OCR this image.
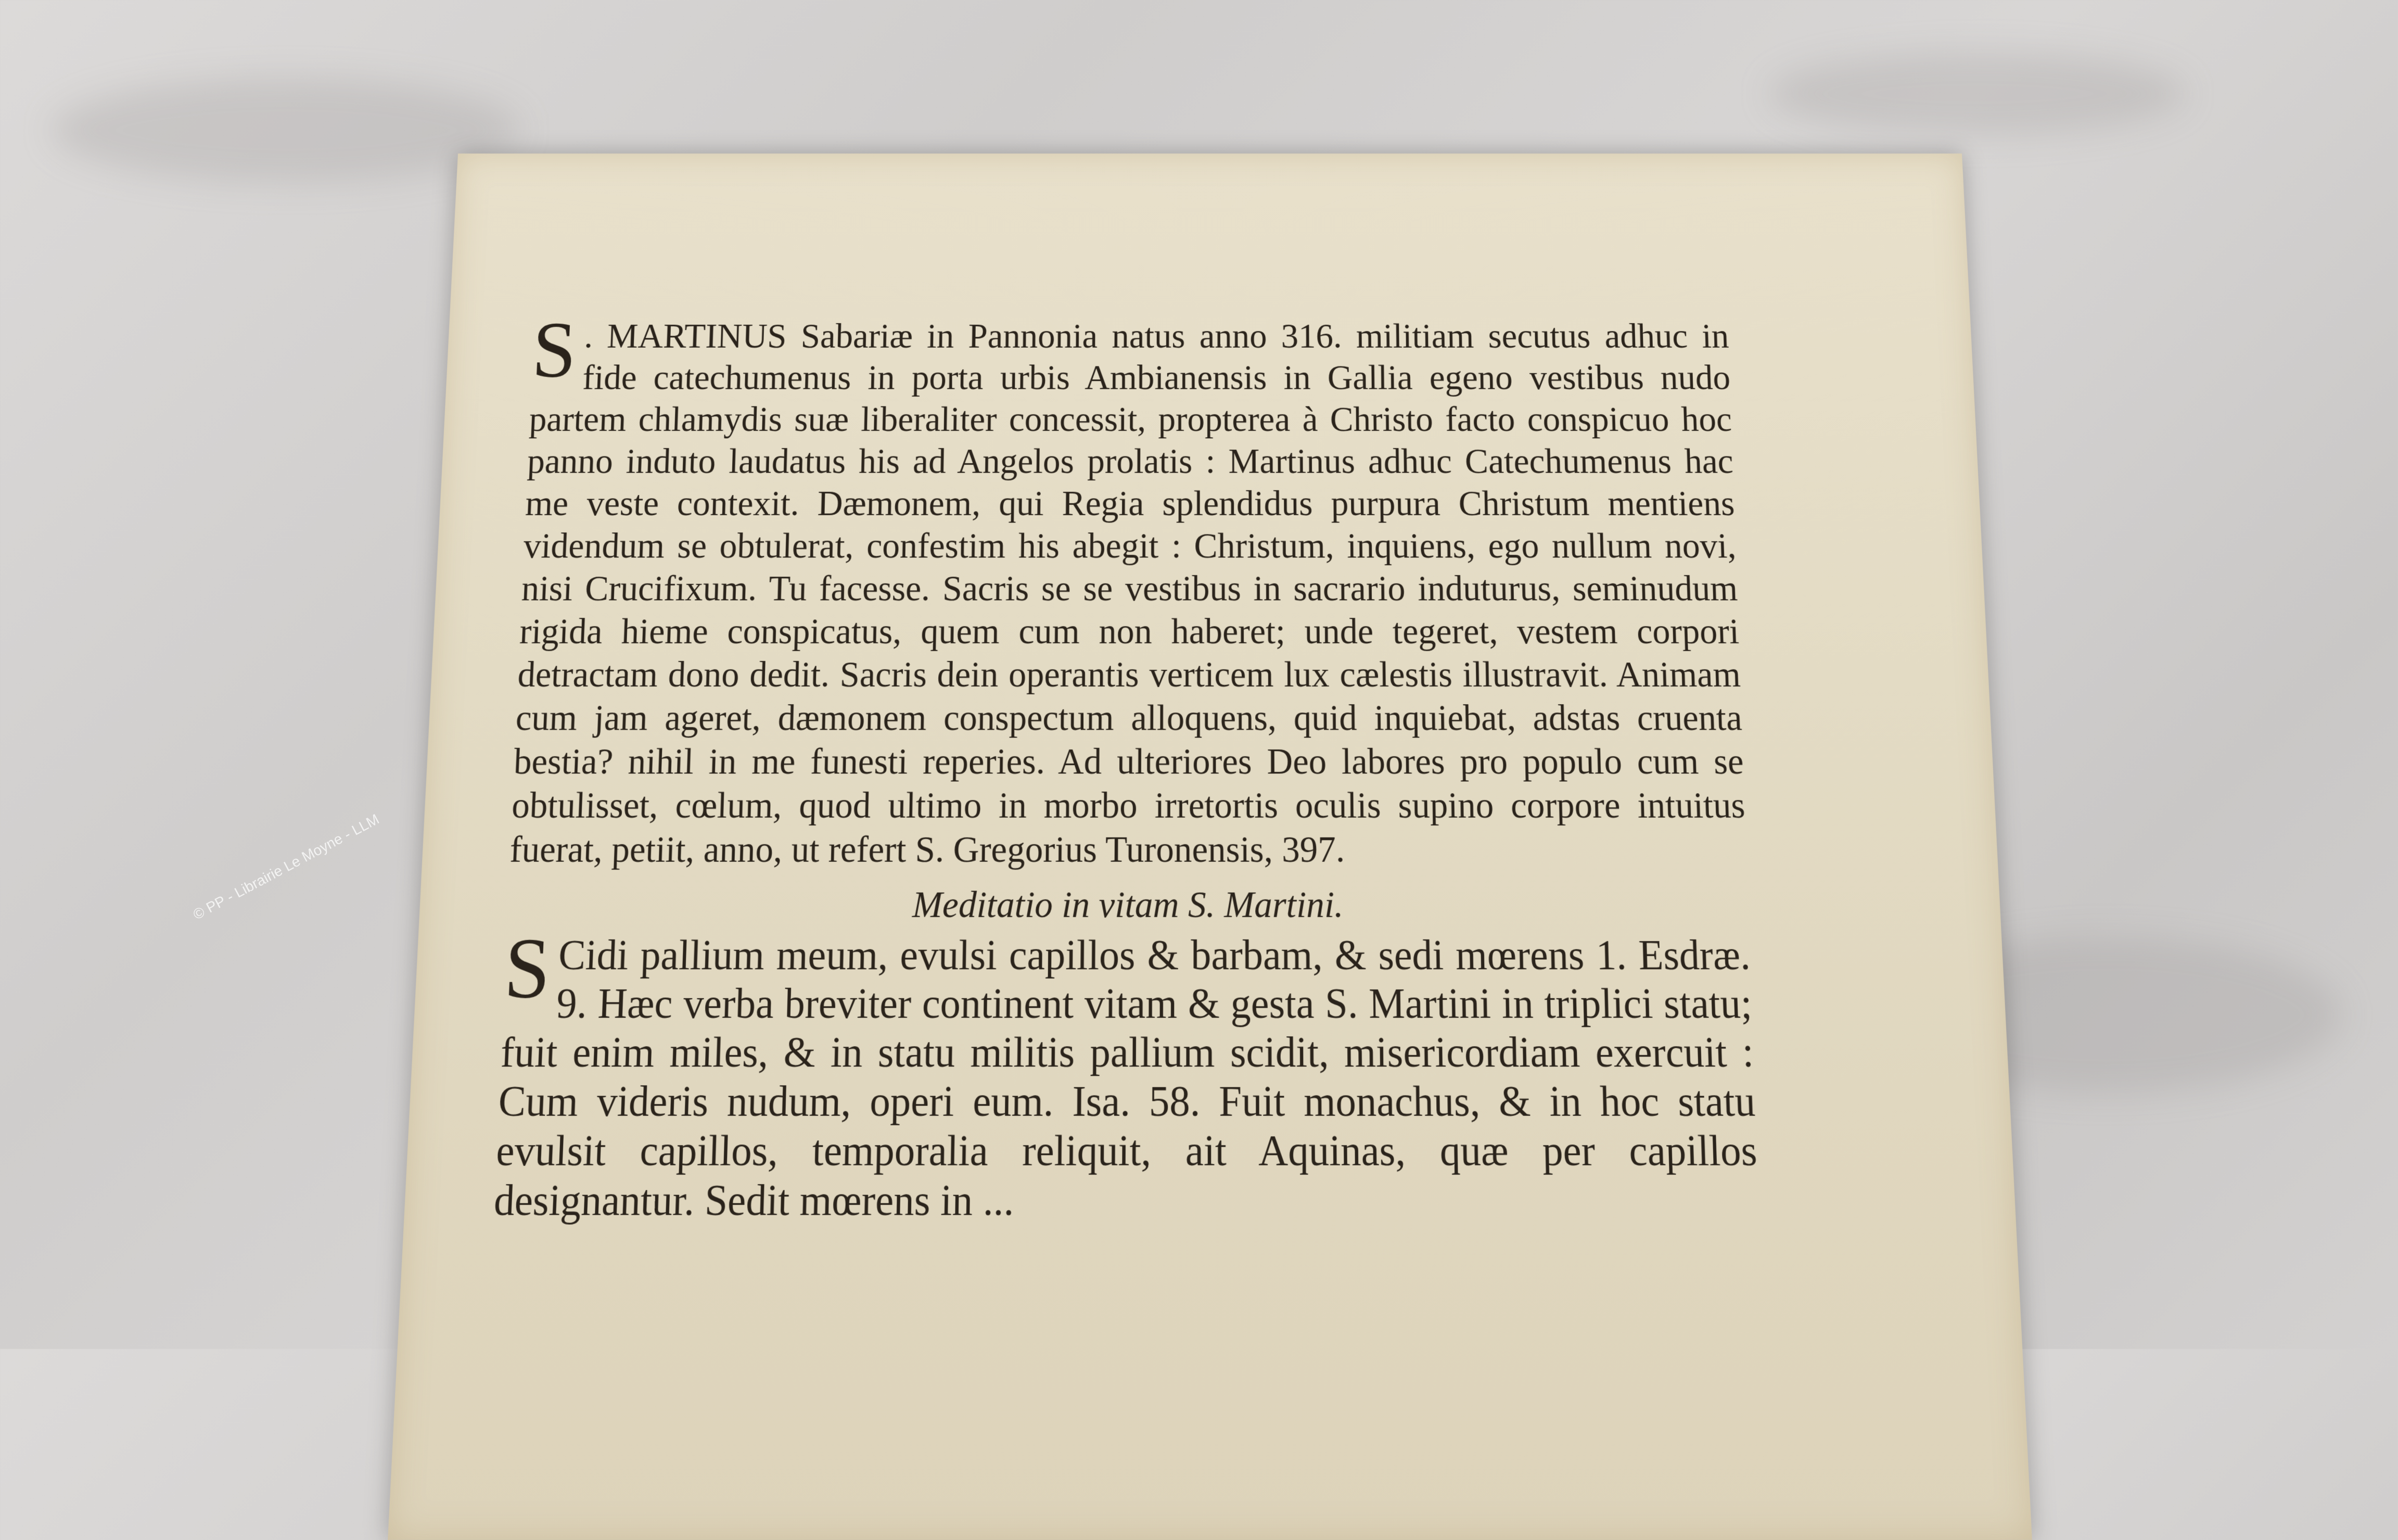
© PP - Librairie Le Moyne - LLM

S . MARTINUS Sabariæ in Pannonia natus anno 316. militiam secutus adhuc in fide catechumenus in porta urbis Ambianensis in Gallia egeno vestibus nudo partem chlamydis suæ liberaliter concessit, propterea à Christo facto conspicuo hoc panno induto laudatus his ad Angelos prolatis : Martinus adhuc Catechumenus hac me veste contexit. Dæmonem, qui Regia splendidus purpura Christum mentiens videndum se obtulerat, confestim his abegit : Christum, inquiens, ego nullum novi, nisi Crucifixum. Tu facesse. Sacris se se vestibus in sacrario induturus, seminudum rigida hieme conspicatus, quem cum non haberet; unde tegeret, vestem corpori detractam dono dedit. Sacris dein operantis verticem lux cælestis illustravit. Animam cum jam ageret, dæmonem conspectum alloquens, quid inquiebat, adstas cruenta bestia? nihil in me funesti reperies. Ad ulteriores Deo labores pro populo cum se obtulisset, cœlum, quod ultimo in morbo irretortis oculis supino corpore intuitus fuerat, petiit, anno, ut refert S. Gregorius Turonensis, 397.

Meditatio in vitam S. Martini.

S Cidi pallium meum, evulsi capillos & barbam, & sedi mœrens 1. Esdræ. 9. Hæc verba breviter continent vitam & gesta S. Martini in triplici statu; fuit enim miles, & in statu militis pallium scidit, misericordiam exercuit : Cum videris nudum, operi eum. Isa. 58. Fuit monachus, & in hoc statu evulsit capillos, temporalia reliquit, ait Aquinas, quæ per capillos designantur. Sedit mœrens in ...
